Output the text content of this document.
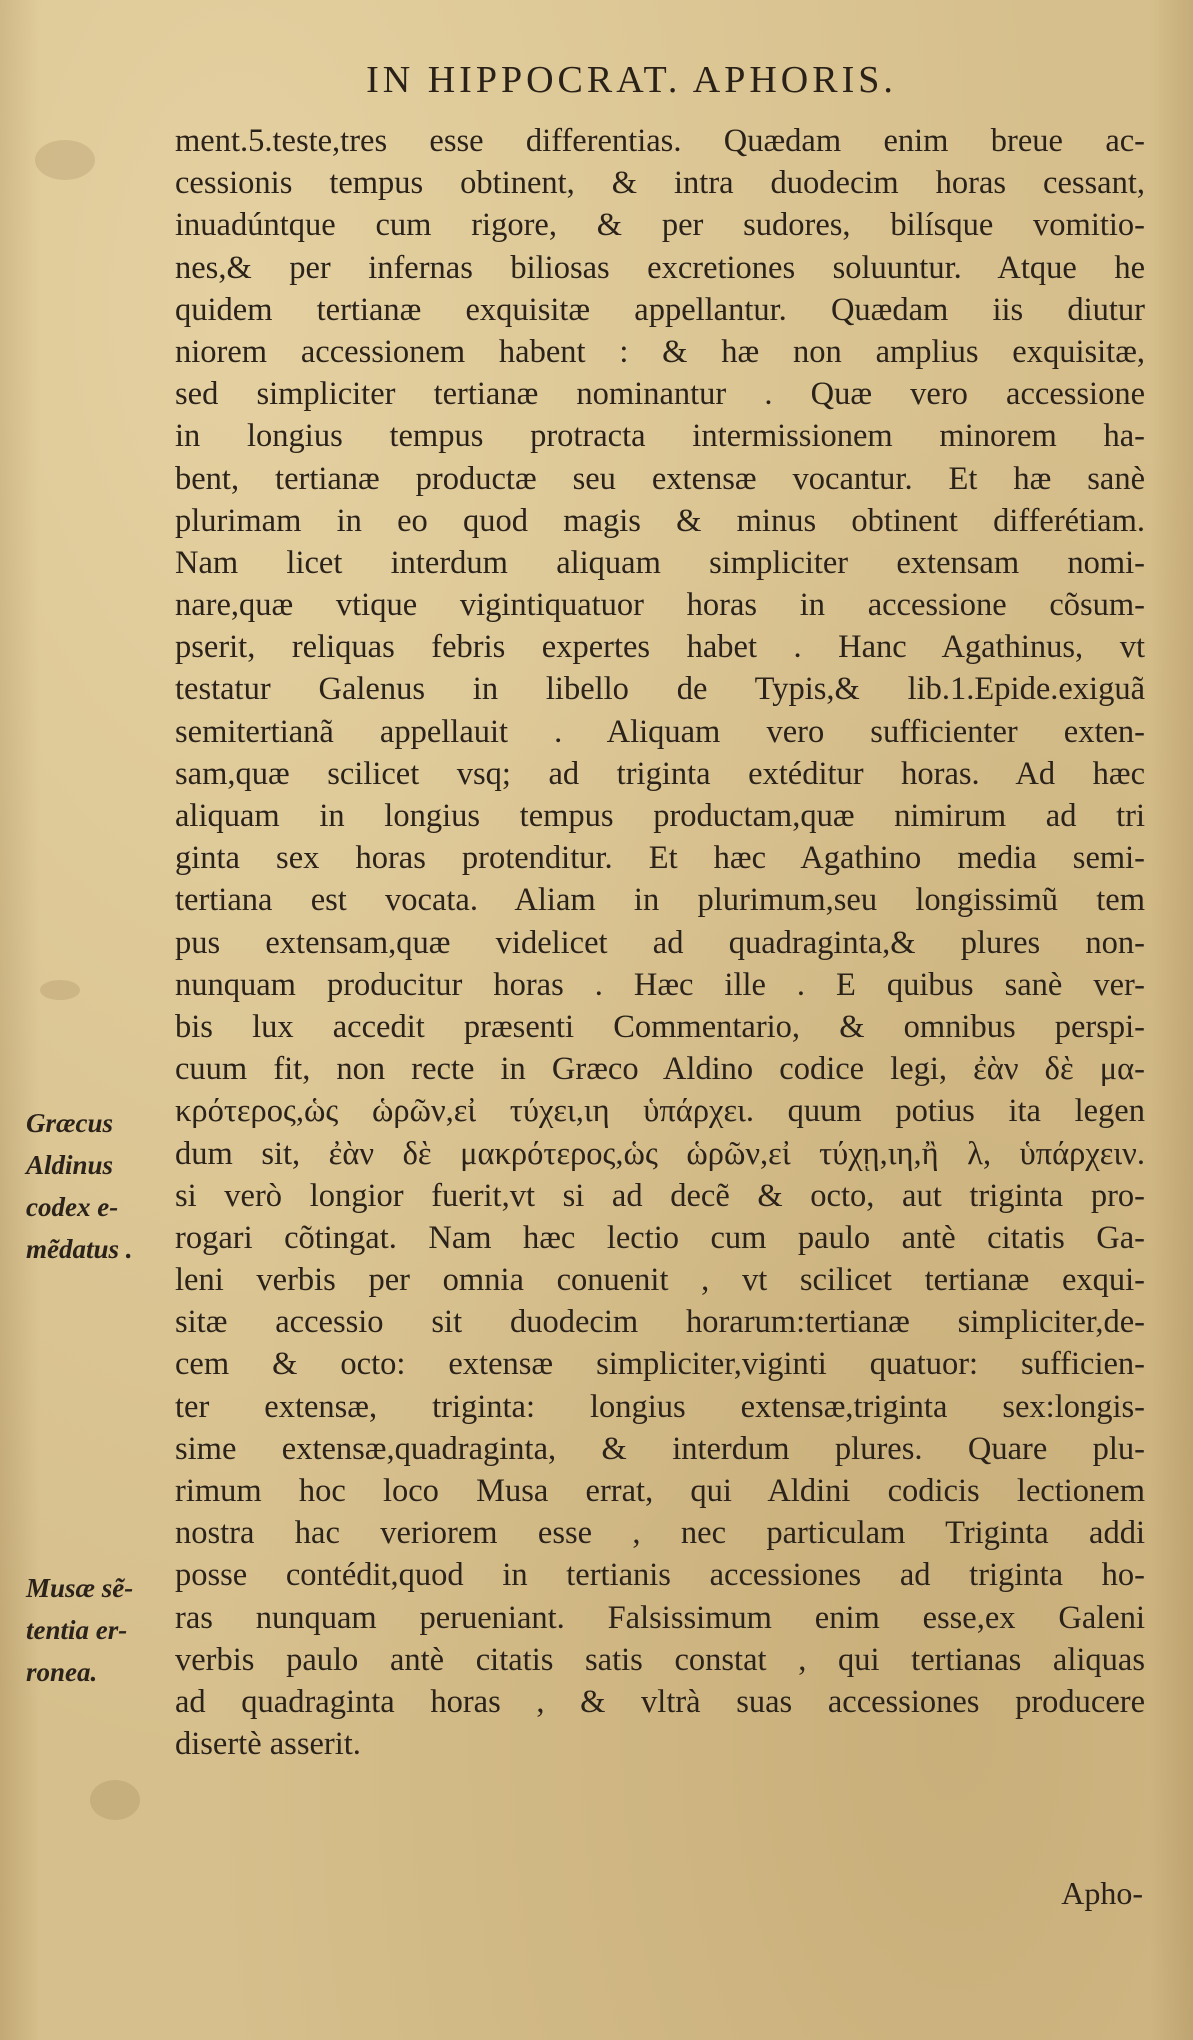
IN HIPPOCRAT. APHORIS.
ment.5.teste,tres esse differentias. Quædam enim breue ac-
cessionis tempus obtinent, & intra duodecim horas cessant,
inuadúntque cum rigore, & per sudores, bilísque vomitio-
nes,& per infernas biliosas excretiones soluuntur. Atque he
quidem tertianæ exquisitæ appellantur. Quædam iis diutur
niorem accessionem habent : & hæ non amplius exquisitæ,
sed simpliciter tertianæ nominantur . Quæ vero accessione
in longius tempus protracta intermissionem minorem ha-
bent, tertianæ productæ seu extensæ vocantur. Et hæ sanè
plurimam in eo quod magis & minus obtinent differétiam.
Nam licet interdum aliquam simpliciter extensam nomi-
nare,quæ vtique vigintiquatuor horas in accessione cõsum-
pserit, reliquas febris expertes habet . Hanc Agathinus, vt
testatur Galenus in libello de Typis,& lib.1.Epide.exiguã
semitertianã appellauit . Aliquam vero sufficienter exten-
sam,quæ scilicet vsq; ad triginta extéditur horas. Ad hæc
aliquam in longius tempus productam,quæ nimirum ad tri
ginta sex horas protenditur. Et hæc Agathino media semi-
tertiana est vocata. Aliam in plurimum,seu longissimũ tem
pus extensam,quæ videlicet ad quadraginta,& plures non-
nunquam producitur horas . Hæc ille . E quibus sanè ver-
bis lux accedit præsenti Commentario, & omnibus perspi-
cuum fit, non recte in Græco Aldino codice legi, ἐὰν δὲ μα-
κρότερος,ὡς ὡρῶν,εἰ τύχει,ιη ὑπάρχει. quum potius ita legen
dum sit, ἐὰν δὲ μακρότερος,ὡς ὡρῶν,εἰ τύχῃ,ιη,ἢ λ, ὑπάρχειν.
si verò longior fuerit,vt si ad decẽ & octo, aut triginta pro-
rogari cõtingat. Nam hæc lectio cum paulo antè citatis Ga-
leni verbis per omnia conuenit , vt scilicet tertianæ exqui-
sitæ accessio sit duodecim horarum:tertianæ simpliciter,de-
cem & octo: extensæ simpliciter,viginti quatuor: sufficien-
ter extensæ, triginta: longius extensæ,triginta sex:longis-
sime extensæ,quadraginta, & interdum plures. Quare plu-
rimum hoc loco Musa errat, qui Aldini codicis lectionem
nostra hac veriorem esse , nec particulam Triginta addi
posse contédit,quod in tertianis accessiones ad triginta ho-
ras nunquam perueniant. Falsissimum enim esse,ex Galeni
verbis paulo antè citatis satis constat , qui tertianas aliquas
ad quadraginta horas , & vltrà suas accessiones producere
disertè asserit.
Græcus
Aldinus
codex e-
mẽdatus .
Musæ sẽ-
tentia er-
ronea.
Apho-
